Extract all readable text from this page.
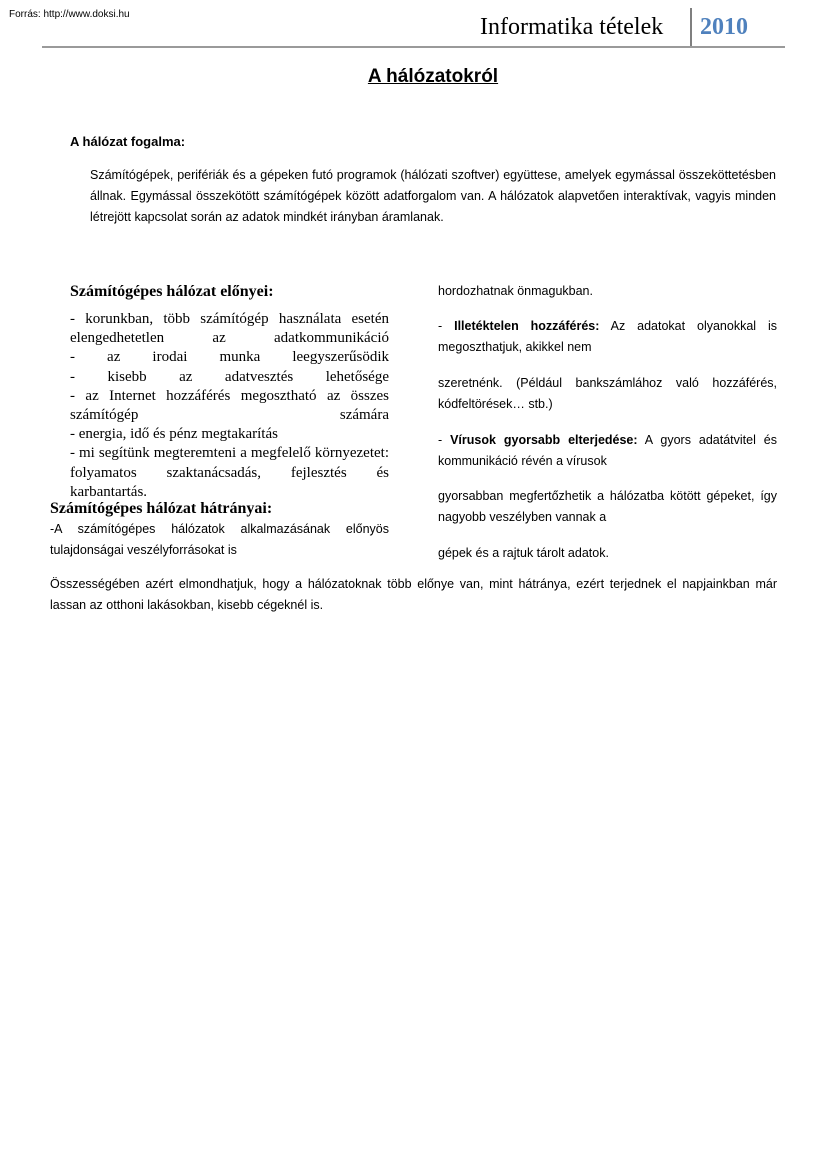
Forrás: http://www.doksi.hu	Informatika tételek 2010
A hálózatokról
A hálózat fogalma:
Számítógépek, perifériák és a gépeken futó programok (hálózati szoftver) együttese, amelyek egymással összeköttetésben állnak. Egymással összekötött számítógépek között adatforgalom van. A hálózatok alapvetően interaktívak, vagyis minden létrejött kapcsolat során az adatok mindkét irányban áramlanak.
Számítógépes hálózat előnyei:
- korunkban, több számítógép használata esetén elengedhetetlen az adatkommunikáció
- az irodai munka leegyszerűsödik
- kisebb az adatvesztés lehetősége
- az Internet hozzáférés megosztható az összes számítógép számára
- energia, idő és pénz megtakarítás
- mi segítünk megteremteni a megfelelő környezetet: folyamatos szaktanácsadás, fejlesztés és karbantartás.
Számítógépes hálózat hátrányai:
-A számítógépes hálózatok alkalmazásának előnyös tulajdonságai veszélyforrásokat is
hordozhatnak önmagukban.
- Illetéktelen hozzáférés: Az adatokat olyanokkal is megoszthatjuk, akikkel nem
szeretnénk. (Például bankszámlához való hozzáférés, kódfeltörések… stb.)
- Vírusok gyorsabb elterjedése: A gyors adatátvitel és kommunikáció révén a vírusok
gyorsabban megfertőzhetik a hálózatba kötött gépeket, így nagyobb veszélyben vannak a
gépek és a rajtuk tárolt adatok.
Összességében azért elmondhatjuk, hogy a hálózatoknak több előnye van, mint hátránya, ezért terjednek el napjainkban már lassan az otthoni lakásokban, kisebb cégeknél is.
